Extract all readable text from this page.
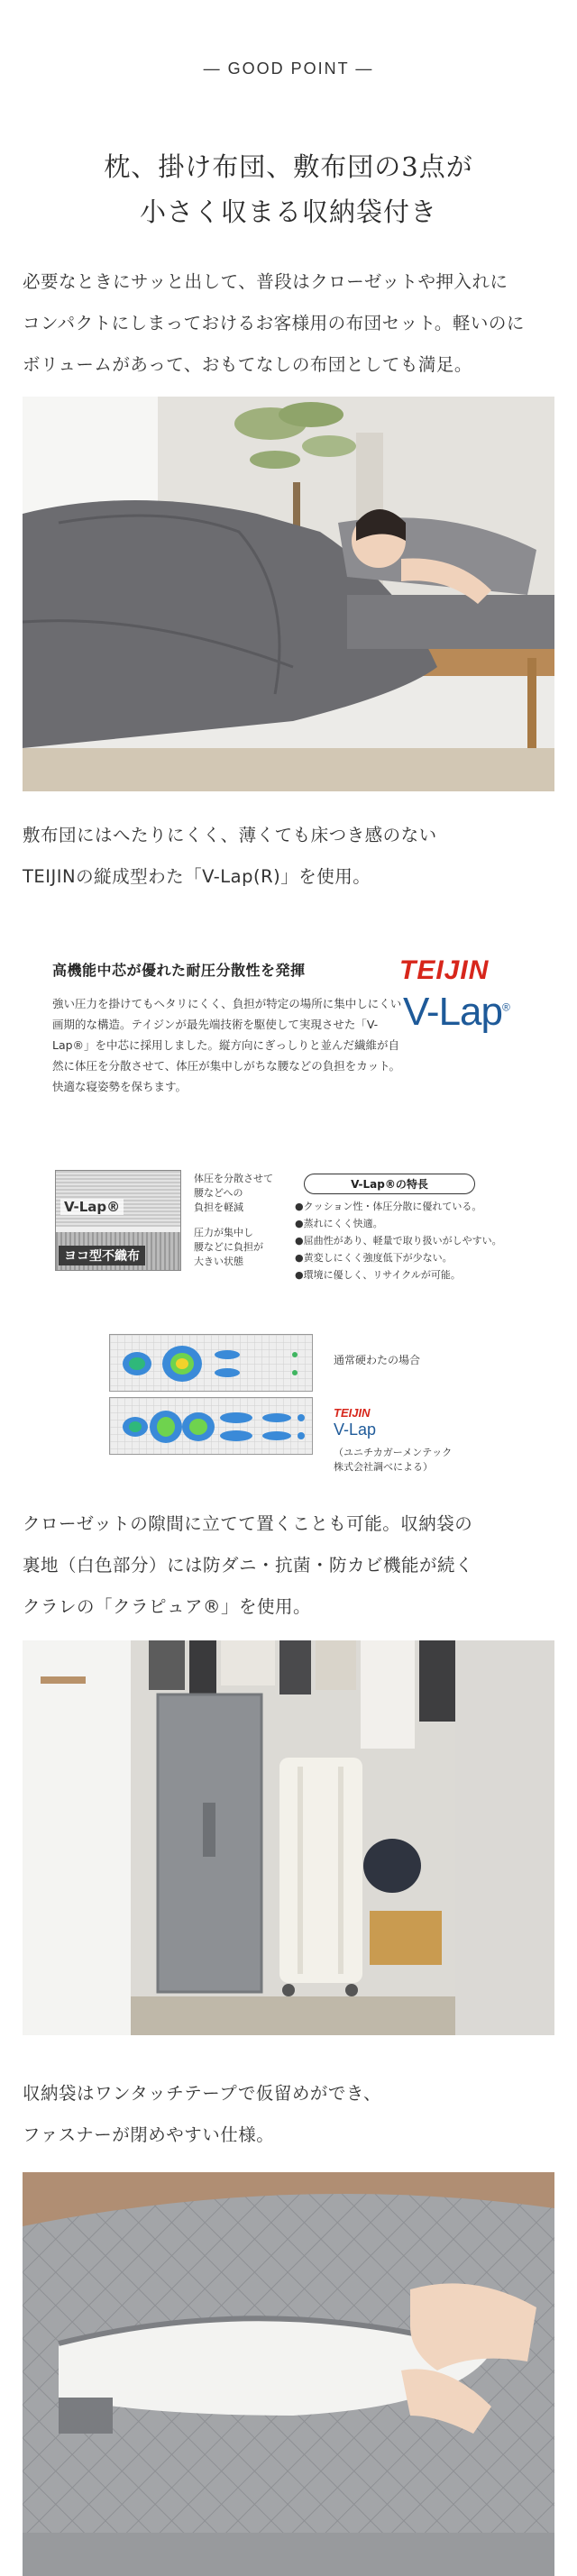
— GOOD POINT —
枕、掛け布団、敷布団の3点が
小さく収まる収納袋付き
必要なときにサッと出して、普段はクローゼットや押入れに
コンパクトにしまっておけるお客様用の布団セット。軽いのに
ボリュームがあって、おもてなしの布団としても満足。
敷布団にはへたりにくく、薄くても床つき感のない
TEIJINの縦成型わた「V-Lap(R)」を使用。
高機能中芯が優れた耐圧分散性を発揮
強い圧力を掛けてもヘタリにくく、負担が特定の場所に集中しにくい画期的な構造。テイジンが最先端技術を駆使して実現させた「V-Lap®」を中芯に採用しました。縦方向にぎっしりと並んだ繊維が自然に体圧を分散させて、体圧が集中しがちな腰などの負担をカット。快適な寝姿勢を保ちます。
TEIJIN
V-Lap®
V-Lap®
ヨコ型不織布
体圧を分散させて
腰などへの
負担を軽減
圧力が集中し
腰などに負担が
大きい状態
V-Lap®の特長
●クッション性・体圧分散に優れている。
●蒸れにくく快適。
●屈曲性があり、軽量で取り扱いがしやすい。
●黄変しにくく強度低下が少ない。
●環境に優しく、リサイクルが可能。
通常硬わたの場合
TEIJIN
V-Lap
（ユニチカガーメンテック
株式会社調べによる）
クローゼットの隙間に立てて置くことも可能。収納袋の
裏地（白色部分）には防ダニ・抗菌・防カビ機能が続く
クラレの「クラピュア®」を使用。
収納袋はワンタッチテープで仮留めができ、
ファスナーが閉めやすい仕様。
